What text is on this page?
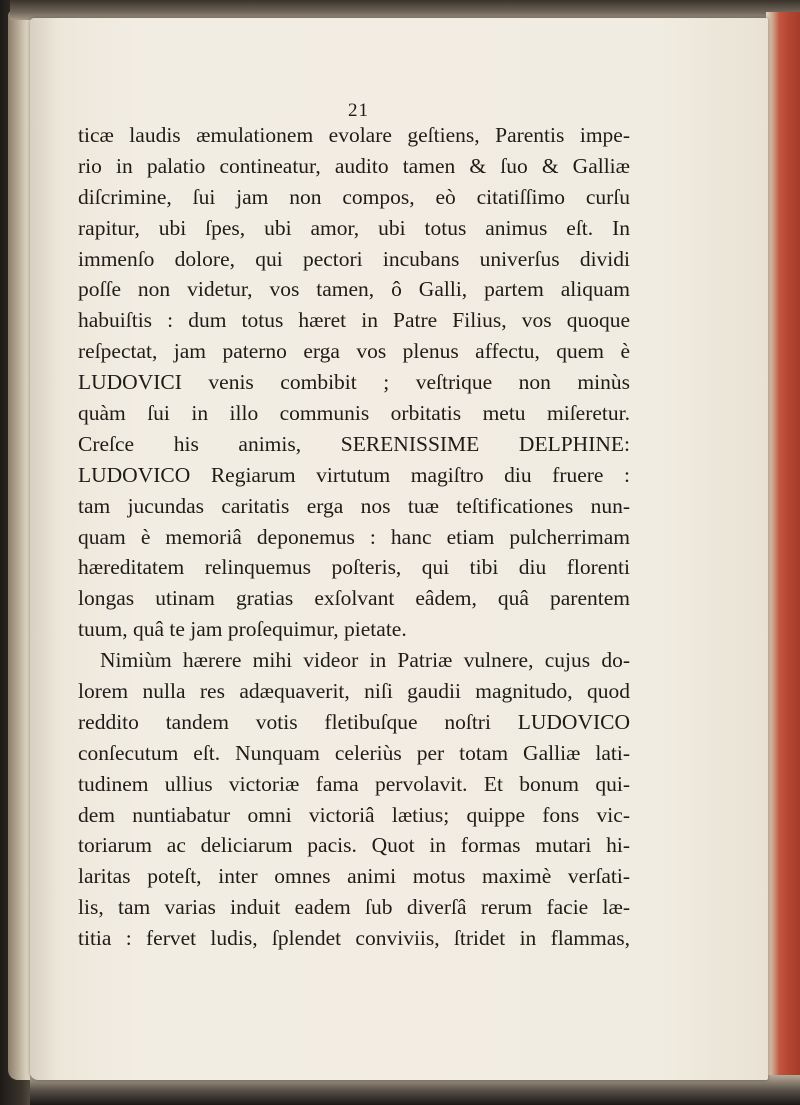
21
ticæ laudis æmulationem evolare geſtiens, Parentis impe-
rio in palatio contineatur, audito tamen & ſuo & Galliæ
diſcrimine, ſui jam non compos, eò citatiſſimo curſu
rapitur, ubi ſpes, ubi amor, ubi totus animus eſt. In
immenſo dolore, qui pectori incubans univerſus dividi
poſſe non videtur, vos tamen, ô Galli, partem aliquam
habuiſtis : dum totus hæret in Patre Filius, vos quoque
reſpectat, jam paterno erga vos plenus affectu, quem è
LUDOVICI venis combibit ; veſtrique non minùs
quàm ſui in illo communis orbitatis metu miſeretur.
Creſce his animis, SERENISSIME DELPHINE:
LUDOVICO Regiarum virtutum magiſtro diu fruere :
tam jucundas caritatis erga nos tuæ teſtificationes nun-
quam è memoriâ deponemus : hanc etiam pulcherrimam
hæreditatem relinquemus poſteris, qui tibi diu florenti
longas utinam gratias exſolvant eâdem, quâ parentem
tuum, quâ te jam proſequimur, pietate.
Nimiùm hærere mihi videor in Patriæ vulnere, cujus do-
lorem nulla res adæquaverit, niſi gaudii magnitudo, quod
reddito tandem votis fletibuſque noſtri LUDOVICO
conſecutum eſt. Nunquam celeriùs per totam Galliæ lati-
tudinem ullius victoriæ fama pervolavit. Et bonum qui-
dem nuntiabatur omni victoriâ lætius; quippe fons vic-
toriarum ac deliciarum pacis. Quot in formas mutari hi-
laritas poteſt, inter omnes animi motus maximè verſati-
lis, tam varias induit eadem ſub diverſâ rerum facie læ-
titia : fervet ludis, ſplendet conviviis, ſtridet in flammas,
